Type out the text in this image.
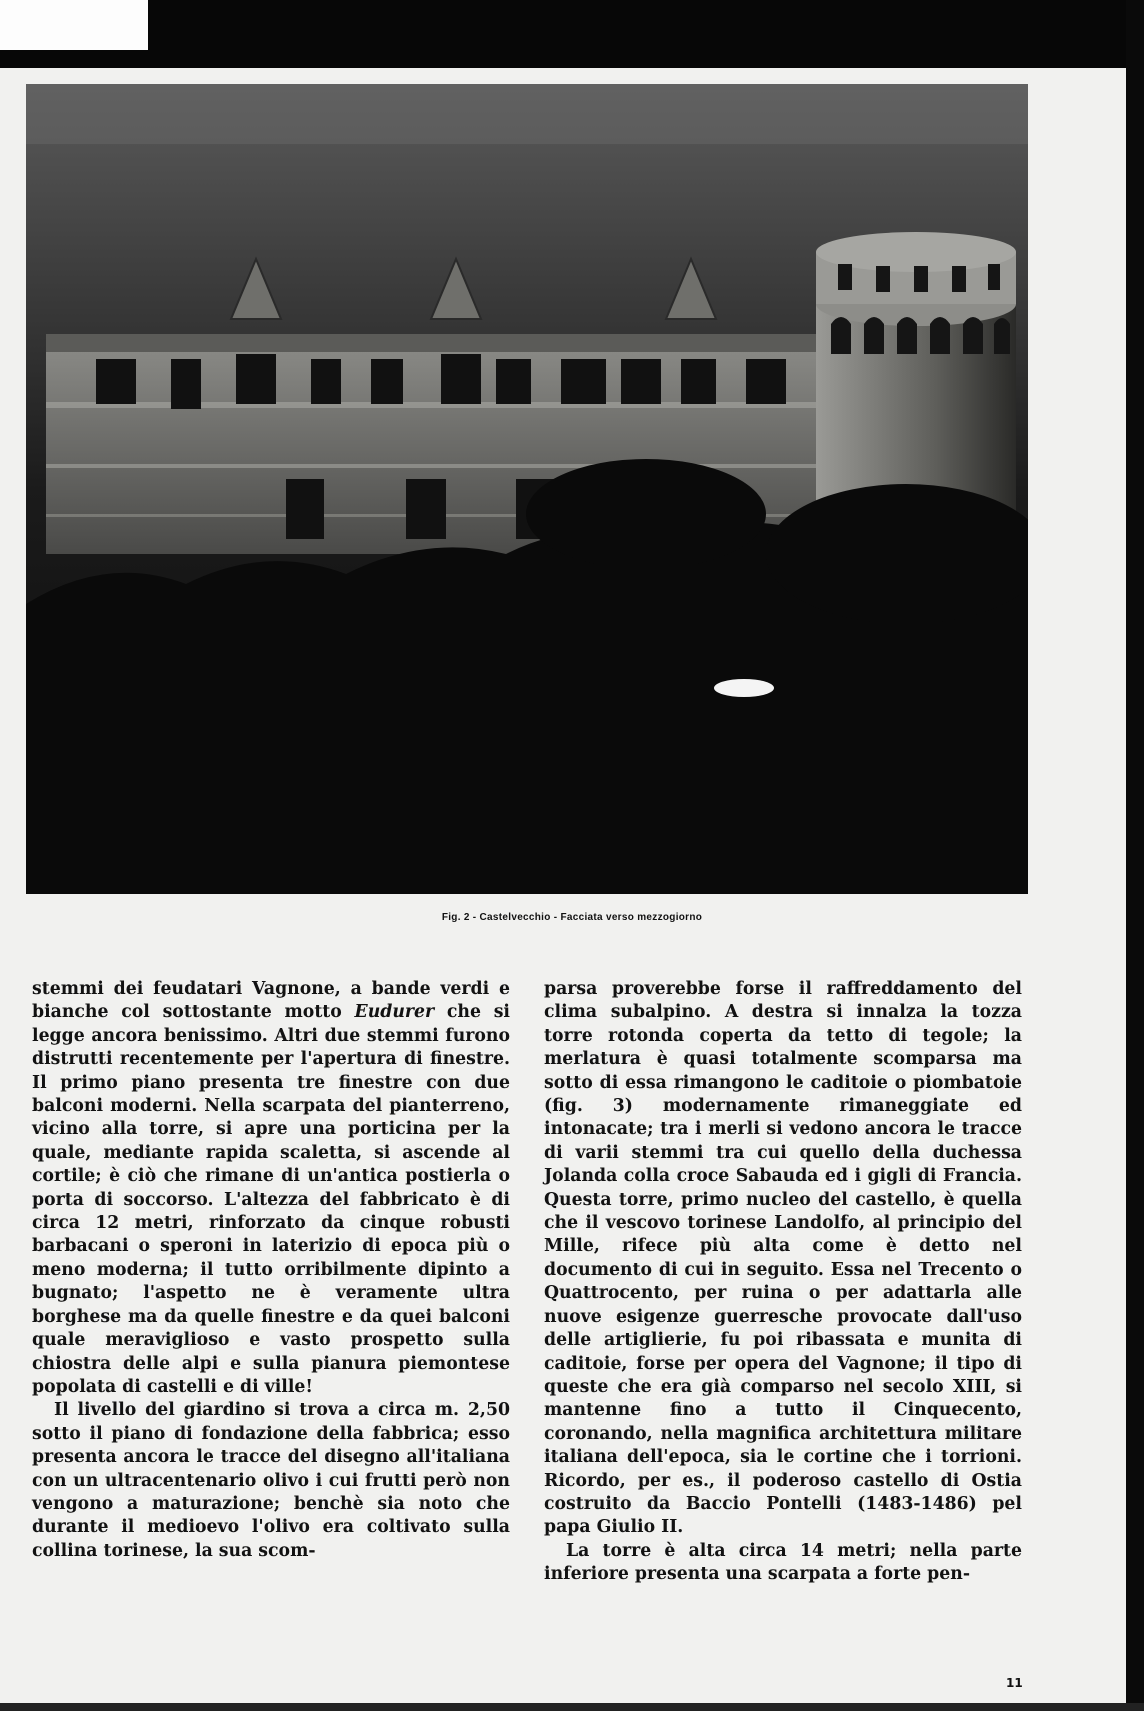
Fig. 2 - Castelvecchio - Facciata verso mezzogiorno

stemmi dei feudatari Vagnone, a bande verdi e bianche col sottostante motto Eudurer che si legge ancora benissimo. Altri due stemmi furono distrutti recentemente per l'apertura di finestre. Il primo piano presenta tre finestre con due balconi moderni. Nella scarpata del pianterreno, vicino alla torre, si apre una porticina per la quale, mediante rapida scaletta, si ascende al cortile; è ciò che rimane di un'antica postierla o porta di soccorso. L'altezza del fabbricato è di circa 12 metri, rinforzato da cinque robusti barbacani o speroni in laterizio di epoca più o meno moderna; il tutto orribilmente dipinto a bugnato; l'aspetto ne è veramente ultra borghese ma da quelle finestre e da quei balconi quale meraviglioso e vasto prospetto sulla chiostra delle alpi e sulla pianura piemontese popolata di castelli e di ville!

Il livello del giardino si trova a circa m. 2,50 sotto il piano di fondazione della fabbrica; esso presenta ancora le tracce del disegno all'italiana con un ultracentenario olivo i cui frutti però non vengono a maturazione; benchè sia noto che durante il medioevo l'olivo era coltivato sulla collina torinese, la sua scom-

parsa proverebbe forse il raffreddamento del clima subalpino. A destra si innalza la tozza torre rotonda coperta da tetto di tegole; la merlatura è quasi totalmente scomparsa ma sotto di essa rimangono le caditoie o piombatoie (fig. 3) modernamente rimaneggiate ed intonacate; tra i merli si vedono ancora le tracce di varii stemmi tra cui quello della duchessa Jolanda colla croce Sabauda ed i gigli di Francia. Questa torre, primo nucleo del castello, è quella che il vescovo torinese Landolfo, al principio del Mille, rifece più alta come è detto nel documento di cui in seguito. Essa nel Trecento o Quattrocento, per ruina o per adattarla alle nuove esigenze guerresche provocate dall'uso delle artiglierie, fu poi ribassata e munita di caditoie, forse per opera del Vagnone; il tipo di queste che era già comparso nel secolo XIII, si mantenne fino a tutto il Cinquecento, coronando, nella magnifica architettura militare italiana dell'epoca, sia le cortine che i torrioni. Ricordo, per es., il poderoso castello di Ostia costruito da Baccio Pontelli (1483-1486) pel papa Giulio II.

La torre è alta circa 14 metri; nella parte inferiore presenta una scarpata a forte pen-

11
